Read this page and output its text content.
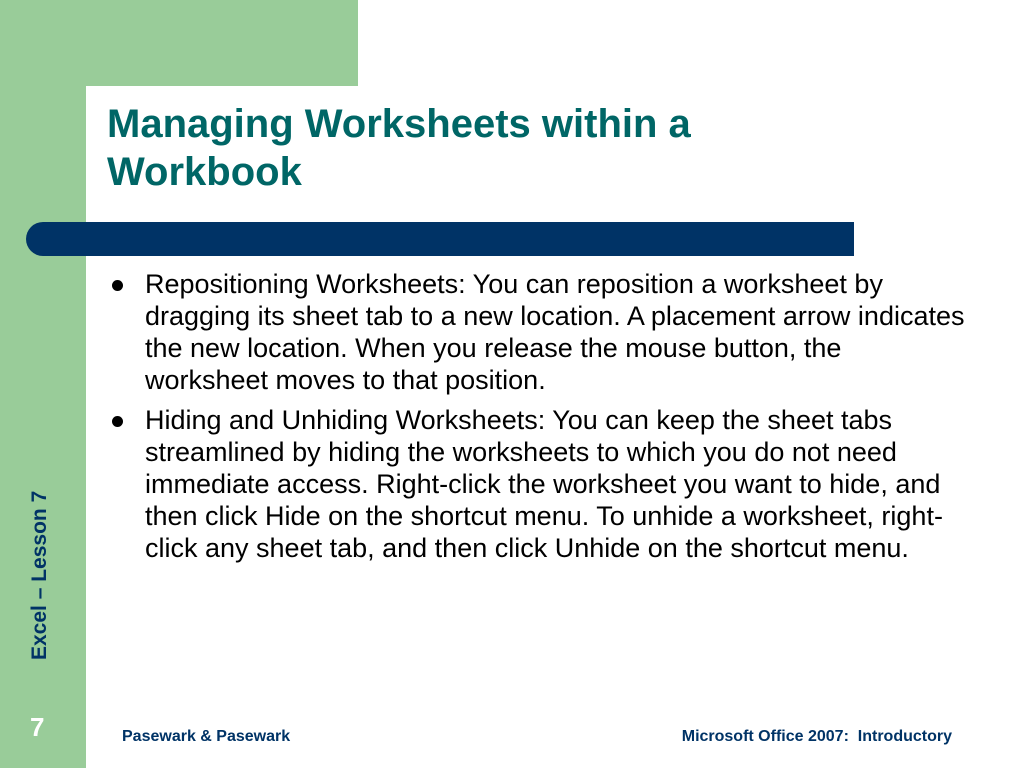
Managing Worksheets within a
Workbook
Repositioning Worksheets: You can reposition a worksheet by dragging its sheet tab to a new location. A placement arrow indicates the new location. When you release the mouse button, the worksheet moves to that position.
Hiding and Unhiding Worksheets: You can keep the sheet tabs streamlined by hiding the worksheets to which you do not need immediate access. Right-click the worksheet you want to hide, and then click Hide on the shortcut menu. To unhide a worksheet, right-click any sheet tab, and then click Unhide on the shortcut menu.
Excel – Lesson 7
7	Pasewark & Pasewark	Microsoft Office 2007:  Introductory
